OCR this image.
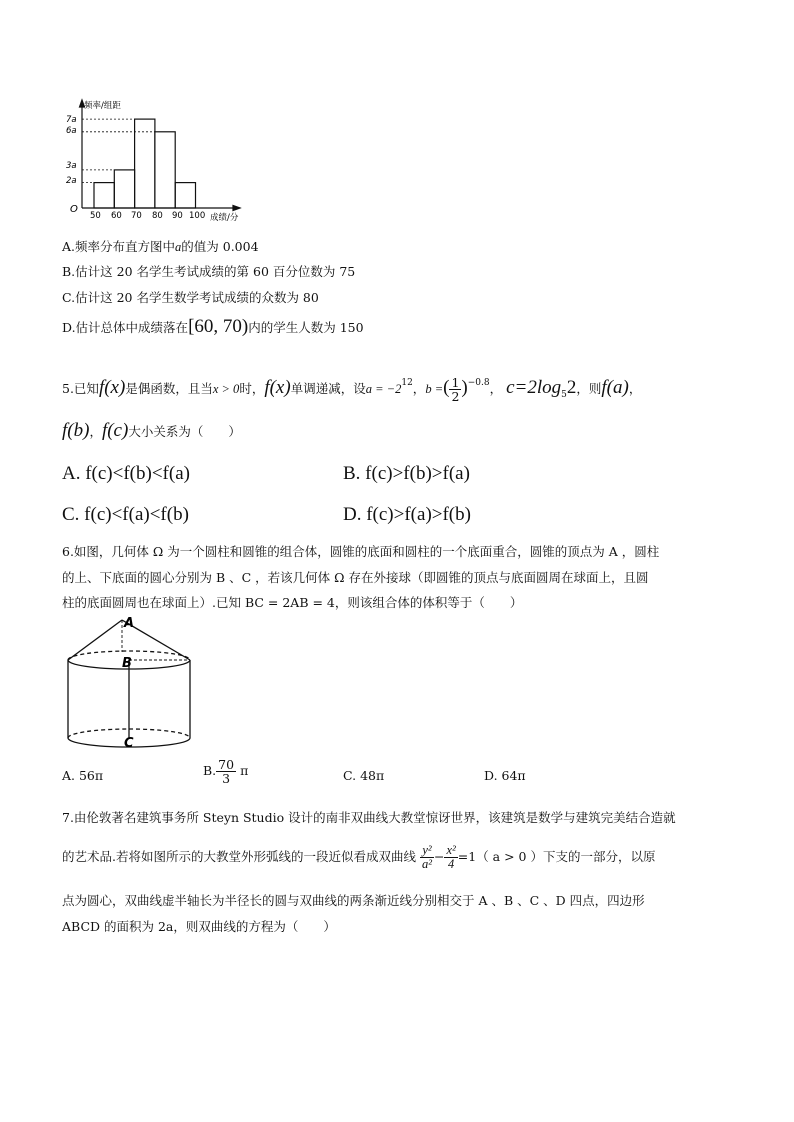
频率/组距
O
7a
6a
3a
2a
50 60 70 80 90 100 成绩/分
A.频率分布直方图中a的值为 0.004
B.估计这 20 名学生考试成绩的第 60 百分位数为 75
C.估计这 20 名学生数学考试成绩的众数为 80
D.估计总体中成绩落在[60, 70)内的学生人数为 150
5.已知f(x)是偶函数，且当x > 0时，f(x)单调递减，设$a = -2^{12}$，b =( $\frac{1}{2} )^{-0.8}$， $c=2\log_52$，则f(a)，
f(b)，f(c)大小关系为（　　）
A. f(c)<f(b)<f(a)	B. f(c)>f(b)>f(a)
C. f(c)<f(a)<f(b)	D. f(c)>f(a)>f(b)
6.如图，几何体 Ω 为一个圆柱和圆锥的组合体，圆锥的底面和圆柱的一个底面重合，圆锥的顶点为 A ，圆柱
的上、下底面的圆心分别为 B 、C ，若该几何体 Ω 存在外接球（即圆锥的顶点与底面圆周在球面上，且圆
柱的底面圆周也在球面上）.已知 BC = 2AB = 4，则该组合体的体积等于（　　）
A
B
C
A. 56π	B. $\frac{70}{3}$ π	C. 48π	D. 64π
7.由伦敦著名建筑事务所 Steyn Studio 设计的南非双曲线大教堂惊讶世界，该建筑是数学与建筑完美结合造就
的艺术品.若将如图所示的大教堂外形弧线的一段近似看成双曲线 $\frac{\text{y²}}{\text{a²}} - \frac{\text{x²}}{4} =1$（ a > 0 ）下支的一部分，以原
点为圆心，双曲线虚半轴长为半径长的圆与双曲线的两条渐近线分别相交于 A 、B 、C 、D 四点，四边形
ABCD 的面积为 2a，则双曲线的方程为（　　）
